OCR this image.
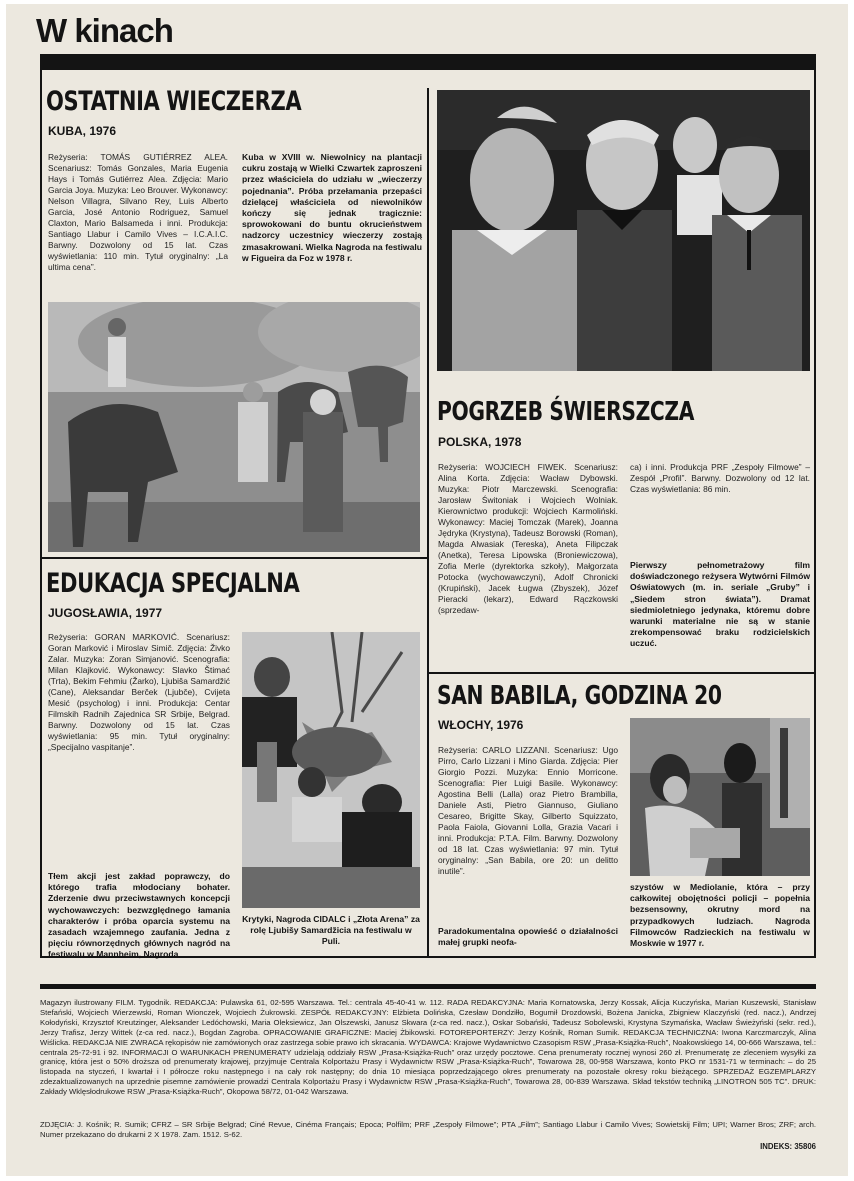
W kinach
OSTATNIA WIECZERZA
KUBA, 1976
Reżyseria: TOMÁS GUTIÉRREZ ALEA. Scenariusz: Tomás Gonzales, Maria Eugenia Hays i Tomás Gutiérrez Alea. Zdjęcia: Mario Garcia Joya. Muzyka: Leo Brouver. Wykonawcy: Nelson Villagra, Silvano Rey, Luis Alberto Garcia, José Antonio Rodriguez, Samuel Claxton, Mario Balsameda i inni. Produkcja: Santiago Llabur i Camilo Vives – I.C.A.I.C. Barwny. Dozwolony od 15 lat. Czas wyświetlania: 110 min. Tytuł oryginalny: „La ultima cena”.
Kuba w XVIII w. Niewolnicy na plantacji cukru zostają w Wielki Czwartek zaproszeni przez właściciela do udziału w „wieczerzy pojednania”. Próba przełamania przepaści dzielącej właściciela od niewolników kończy się jednak tragicznie: sprowokowani do buntu okrucieństwem nadzorcy uczestnicy wieczerzy zostają zmasakrowani. Wielka Nagroda na festiwalu w Figueira da Foz w 1978 r.
POGRZEB ŚWIERSZCZA
POLSKA, 1978
Reżyseria: WOJCIECH FIWEK. Scenariusz: Alina Korta. Zdjęcia: Wacław Dybowski. Muzyka: Piotr Marczewski. Scenografia: Jarosław Świtoniak i Wojciech Wolniak. Kierownictwo produkcji: Wojciech Karmoliński. Wykonawcy: Maciej Tomczak (Marek), Joanna Jędryka (Krystyna), Tadeusz Borowski (Roman), Magda Alwasiak (Tereska), Aneta Filipczak (Anetka), Teresa Lipowska (Broniewiczowa), Zofia Merle (dyrektorka szkoły), Małgorzata Potocka (wychowawczyni), Adolf Chronicki (Krupiński), Jacek Ługwa (Zbyszek), Józef Pieracki (lekarz), Edward Rączkowski (sprzedaw-
ca) i inni. Produkcja PRF „Zespoły Filmowe” – Zespół „Profil”. Barwny. Dozwolony od 12 lat. Czas wyświetlania: 86 min.
Pierwszy pełnometrażowy film doświadczonego reżysera Wytwórni Filmów Oświatowych (m. in. seriale „Gruby” i „Siedem stron świata”). Dramat siedmioletniego jedynaka, któremu dobre warunki materialne nie są w stanie zrekompensować braku rodzicielskich uczuć.
EDUKACJA SPECJALNA
JUGOSŁAWIA, 1977
Reżyseria: GORAN MARKOVIĆ. Scenariusz: Goran Marković i Miroslav Simič. Zdjęcia: Živko Zalar. Muzyka: Zoran Simjanović. Scenografia: Milan Klajković. Wykonawcy: Slavko Štimać (Trta), Bekim Fehmiu (Žarko), Ljubiša Samardžić (Cane), Aleksandar Berček (Ljubče), Cvijeta Mesić (psycholog) i inni. Produkcja: Centar Filmskih Radnih Zajednica SR Srbije, Belgrad. Barwny. Dozwolony od 15 lat. Czas wyświetlania: 95 min. Tytuł oryginalny: „Specijalno vaspitanje”.
Tłem akcji jest zakład poprawczy, do którego trafia młodociany bohater. Zderzenie dwu przeciwstawnych koncepcji wychowawczych: bezwzględnego łamania charakterów i próba oparcia systemu na zasadach wzajemnego zaufania. Jedna z pięciu równorzędnych głównych nagród na festiwalu w Mannheim, Nagroda
Krytyki, Nagroda CIDALC i „Złota Arena” za rolę Ljubišy Samardžicia na festiwalu w Puli.
SAN BABILA, GODZINA 20
WŁOCHY, 1976
Reżyseria: CARLO LIZZANI. Scenariusz: Ugo Pirro, Carlo Lizzani i Mino Giarda. Zdjęcia: Pier Giorgio Pozzi. Muzyka: Ennio Morricone. Scenografia: Pier Luigi Basile. Wykonawcy: Agostina Belli (Lalla) oraz Pietro Brambilla, Daniele Asti, Pietro Giannuso, Giuliano Cesareo, Brigitte Skay, Gilberto Squizzato, Paola Faiola, Giovanni Lolla, Grazia Vacari i inni. Produkcja: P.T.A. Film. Barwny. Dozwolony od 18 lat. Czas wyświetlania: 97 min. Tytuł oryginalny: „San Babila, ore 20: un delitto inutile”.
Paradokumentalna opowieść o działalności małej grupki neofa-
szystów w Mediolanie, która – przy całkowitej obojętności policji – popełnia bezsensowny, okrutny mord na przypadkowych ludziach. Nagroda Filmowców Radzieckich na festiwalu w Moskwie w 1977 r.
Magazyn ilustrowany FILM. Tygodnik. REDAKCJA: Pulawska 61, 02-595 Warszawa. Tel.: centrala 45-40-41 w. 112. RADA REDAKCYJNA: Maria Kornatowska, Jerzy Kossak, Alicja Kuczyńska, Marian Kuszewski, Stanisław Stefański, Wojciech Wierzewski, Roman Wionczek, Wojciech Żukrowski. ZESPÓŁ REDAKCYJNY: Elżbieta Dolińska, Czesław Dondziłło, Bogumił Drozdowski, Bożena Janicka, Zbigniew Klaczyński (red. nacz.), Andrzej Kołodyński, Krzysztof Kreutzinger, Aleksander Ledóchowski, Maria Oleksiewicz, Jan Olszewski, Janusz Skwara (z-ca red. nacz.), Oskar Sobański, Tadeusz Sobolewski, Krystyna Szymańska, Wacław Świeżyński (sekr. red.), Jerzy Trafisz, Jerzy Wittek (z-ca red. nacz.), Bogdan Zagroba. OPRACOWANIE GRAFICZNE: Maciej Żbikowski. FOTOREPORTERZY: Jerzy Kośnik, Roman Sumik. REDAKCJA TECHNICZNA: Iwona Karczmarczyk, Alina Wiślicka. REDAKCJA NIE ZWRACA rękopisów nie zamówionych oraz zastrzega sobie prawo ich skracania. WYDAWCA: Krajowe Wydawnictwo Czasopism RSW „Prasa-Książka-Ruch”, Noakowskiego 14, 00-666 Warszawa, tel.: centrala 25-72-91 i 92. INFORMACJI O WARUNKACH PRENUMERATY udzielają oddziały RSW „Prasa-Książka-Ruch” oraz urzędy pocztowe. Cena prenumeraty rocznej wynosi 260 zł. Prenumeratę ze zleceniem wysyłki za granicę, która jest o 50% droższa od prenumeraty krajowej, przyjmuje Centrala Kolportażu Prasy i Wydawnictw RSW „Prasa-Książka-Ruch”, Towarowa 28, 00-958 Warszawa, konto PKO nr 1531-71 w terminach: – do 25 listopada na styczeń, I kwartał i I półrocze roku następnego i na cały rok następny; do dnia 10 miesiąca poprzedzającego okres prenumeraty na pozostałe okresy roku bieżącego. SPRZEDAŻ EGZEMPLARZY zdezaktualizowanych na uprzednie pisemne zamówienie prowadzi Centrala Kolportażu Prasy i Wydawnictw RSW „Prasa-Książka-Ruch”, Towarowa 28, 00-839 Warszawa. Skład tekstów techniką „LINOTRON 505 TC”. DRUK: Zakłady Wklęsłodrukowe RSW „Prasa-Książka-Ruch”, Okopowa 58/72, 01-042 Warszawa.
ZDJĘCIA: J. Kośnik; R. Sumik; CFRZ – SR Srbije Belgrad; Ciné Revue, Cinéma Français; Epoca; Polfilm; PRF „Zespoły Filmowe”; PTA „Film”; Santiago Llabur i Camilo Vives; Sowietskij Film; UPI; Warner Bros; ZRF; arch. Numer przekazano do drukarni 2 X 1978. Zam. 1512. S-62.
INDEKS: 35806
